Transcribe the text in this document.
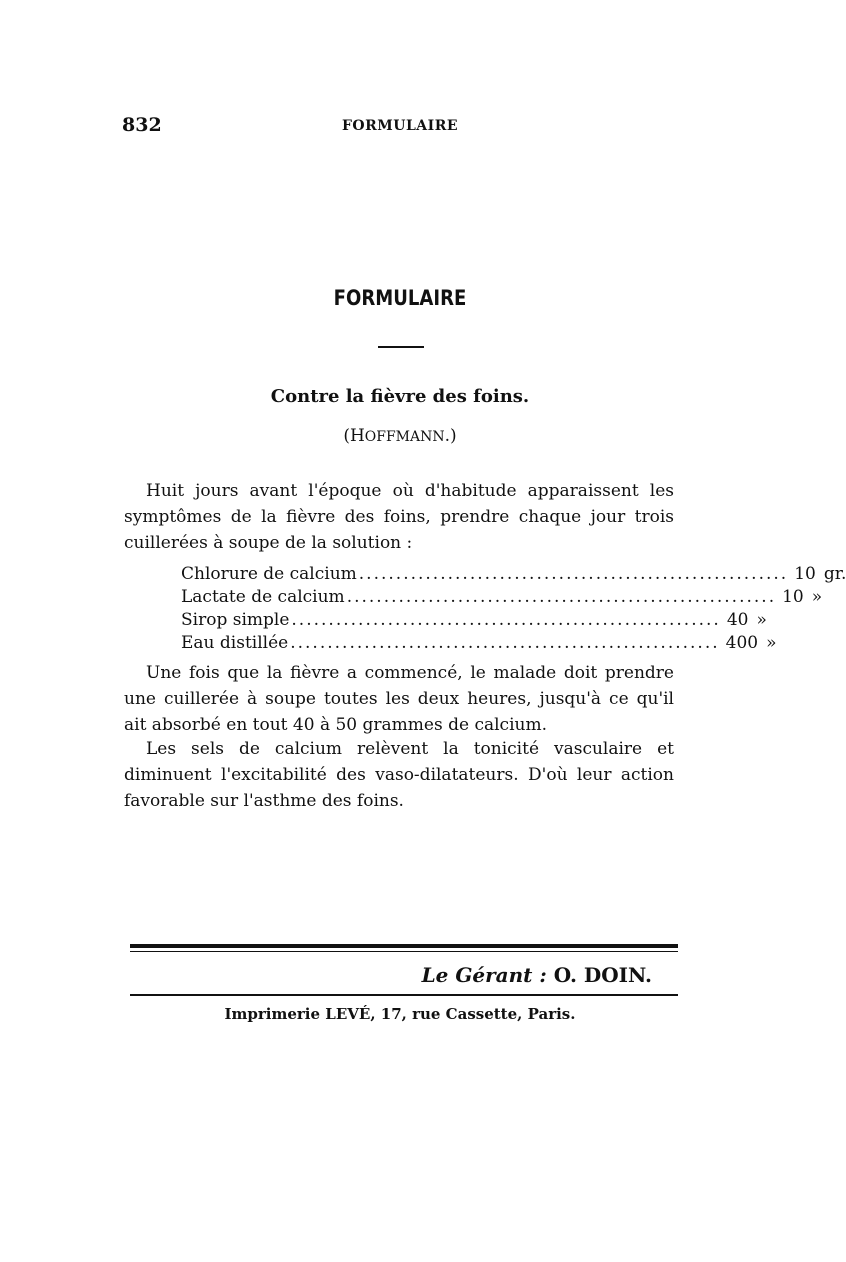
832	FORMULAIRE
FORMULAIRE
Contre la fièvre des foins.
(HOFFMANN.)

Huit jours avant l'époque où d'habitude apparaissent les symptômes de la fièvre des foins, prendre chaque jour trois cuillerées à soupe de la solution :

Chlorure de calcium .......................................................... 10 gr.
Lactate de calcium .......................................................... 10 »
Sirop simple .......................................................... 40 »
Eau distillée .......................................................... 400 »

Une fois que la fièvre a commencé, le malade doit prendre une cuillerée à soupe toutes les deux heures, jusqu'à ce qu'il ait absorbé en tout 40 à 50 grammes de calcium.

Les sels de calcium relèvent la tonicité vasculaire et diminuent l'excitabilité des vaso-dilatateurs. D'où leur action favorable sur l'asthme des foins.

Le Gérant : O. DOIN.
Imprimerie LEVÉ, 17, rue Cassette, Paris.
